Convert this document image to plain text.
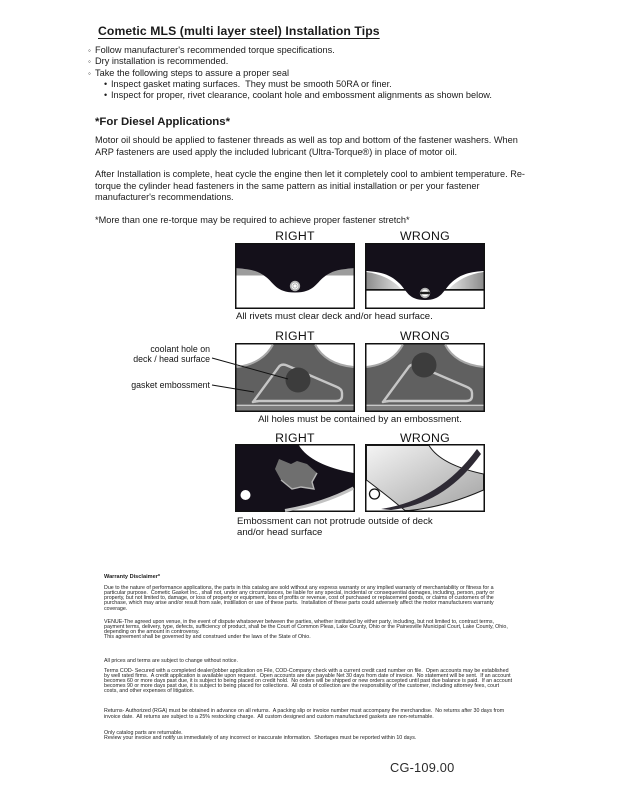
Cometic MLS (multi layer steel) Installation Tips
◦ Follow manufacturer's recommended torque specifications.
◦ Dry installation is recommended.
◦ Take the following steps to assure a proper seal
• Inspect gasket mating surfaces.  They must be smooth 50RA or finer.
• Inspect for proper, rivet clearance, coolant hole and embossment alignments as shown below.
*For Diesel Applications*
Motor oil should be applied to fastener threads as well as top and bottom of the fastener washers. When ARP fasteners are used apply the included lubricant (Ultra-Torque®) in place of motor oil.
After Installation is complete, heat cycle the engine then let it completely cool to ambient temperature. Re-torque the cylinder head fasteners in the same pattern as initial installation or per your fastener manufacturer's recommendations.
*More than one re-torque may be required to achieve proper fastener stretch*
RIGHT	WRONG
All rivets must clear deck and/or head surface.
RIGHT	WRONG
coolant hole on
deck / head surface
gasket embossment
All holes must be contained by an embossment.
RIGHT	WRONG
Embossment can not protrude outside of deck
and/or head surface
Warranty Disclaimer*

Due to the nature of performance applications, the parts in this catalog are sold without any express warranty or any implied warranty of merchantability or fitness for a particular purpose.  Cometic Gasket Inc., shall not, under any circumstances, be liable for any special, incidental or consequential damages, including, person, party or property, but not limited to, damage, or loss of property or equipment, loss of profits or revenue, cost of purchased or replacement goods, or claims of customers of the purchase, which may arise and/or result from sale, instillation or use of these parts.  Installation of these parts could adversely affect the motor manufacturers warranty coverage.

VENUE-The agreed upon venue, in the event of dispute whatsoever between the parties, whether instituted by either party, including, but not limited to, contract terms, payment terms, delivery, type, defects, sufficiency of product, shall be the Court of Common Pleas, Lake County, Ohio or the Painesville Municipal Court, Lake County, Ohio, depending on the amount in controversy.

This agreement shall be governed by and construed under the laws of the State of Ohio.

All prices and terms are subject to change without notice.

Terms COD- Secured with a completed dealer/jobber application on File, COD-Company check with a current credit card number on file.  Open accounts may be established by well rated firms.  A credit application is available upon request.  Open accounts are due payable Net 30 days from date of invoice.  No statement will be sent.  If an account becomes 60 or more days past due, it is subject to being placed on credit hold.  No orders will be shipped or new orders accepted until past due balance is paid.  If an account becomes 90 or more days past due, it is subject to being placed for collections.  All costs of collection are the responsibility of the customer, including attorney fees, court costs, and other expenses of litigation.

Returns- Authorized (RGA) must be obtained in advance on all returns.  A packing slip or invoice number must accompany the merchandise.  No returns after 30 days from invoice date.  All returns are subject to a 25% restocking charge.  All custom designed and custom manufactured gaskets are non-returnable.

Only catalog parts are returnable.

Review your invoice and notify us immediately of any incorrect or inaccurate information.  Shortages must be reported within 10 days.

CG-109.00
